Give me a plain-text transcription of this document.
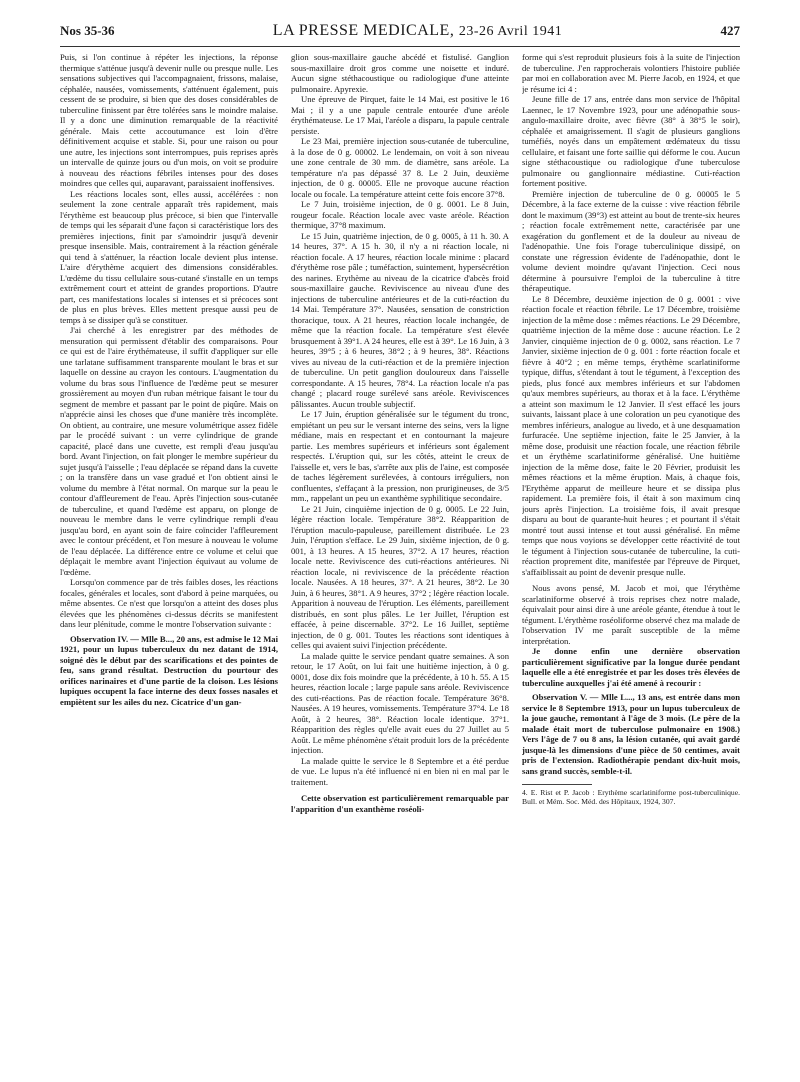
Nos 35-36	LA PRESSE MEDICALE, 23-26 Avril 1941	427

Puis, si l'on continue à répéter les injections, la réponse thermique s'atténue jusqu'à devenir nulle ou presque nulle. Les sensations subjectives qui l'accompagnaient, frissons, malaise, céphalée, nausées, vomissements, s'atténuent également, puis cessent de se produire, si bien que des doses considérables de tuberculine finissent par être tolérées sans le moindre malaise. Il y a donc une diminution remarquable de la réactivité générale. Mais cette accoutumance est loin d'être définitivement acquise et stable. Si, pour une raison ou pour une autre, les injections sont interrompues, puis reprises après un intervalle de quinze jours ou d'un mois, on voit se produire à nouveau des réactions fébriles intenses pour des doses moindres que celles qui, auparavant, paraissaient inoffensives.

Les réactions locales sont, elles aussi, accélérées : non seulement la zone centrale apparaît très rapidement, mais l'érythème est beaucoup plus précoce, si bien que l'intervalle de temps qui les séparait d'une façon si caractéristique lors des premières injections, finit par s'amoindrir jusqu'à devenir presque insensible. Mais, contrairement à la réaction générale qui tend à s'atténuer, la réaction locale devient plus intense. L'aire d'érythème acquiert des dimensions considérables. L'œdème du tissu cellulaire sous-cutané s'installe en un temps extrêmement court et atteint de grandes proportions. D'autre part, ces manifestations locales si intenses et si précoces sont de plus en plus brèves. Elles mettent presque aussi peu de temps à se dissiper qu'à se constituer.

J'ai cherché à les enregistrer par des méthodes de mensuration qui permissent d'établir des comparaisons. Pour ce qui est de l'aire érythémateuse, il suffit d'appliquer sur elle une tarlatane suffisamment transparente moulant le bras et sur laquelle on dessine au crayon les contours. L'augmentation du volume du bras sous l'influence de l'œdème peut se mesurer grossièrement au moyen d'un ruban métrique faisant le tour du segment de membre et passant par le point de piqûre. Mais on n'apprécie ainsi les choses que d'une manière très incomplète. On obtient, au contraire, une mesure volumétrique assez fidèle par le procédé suivant : un verre cylindrique de grande capacité, placé dans une cuvette, est rempli d'eau jusqu'au bord. Avant l'injection, on fait plonger le membre supérieur du sujet jusqu'à l'aisselle ; l'eau déplacée se répand dans la cuvette ; on la transfère dans un vase gradué et l'on obtient ainsi le volume du membre à l'état normal. On marque sur la peau le contour d'affleurement de l'eau. Après l'injection sous-cutanée de tuberculine, et quand l'œdème est apparu, on plonge de nouveau le membre dans le verre cylindrique rempli d'eau jusqu'au bord, en ayant soin de faire coïncider l'affleurement avec le contour précédent, et l'on mesure à nouveau le volume de l'eau déplacée. La différence entre ce volume et celui que déplaçait le membre avant l'injection équivaut au volume de l'œdème.

Lorsqu'on commence par de très faibles doses, les réactions focales, générales et locales, sont d'abord à peine marquées, ou même absentes. Ce n'est que lorsqu'on a atteint des doses plus élevées que les phénomènes ci-dessus décrits se manifestent dans leur plénitude, comme le montre l'observation suivante :

Observation IV. — Mlle B..., 20 ans, est admise le 12 Mai 1921, pour un lupus tuberculeux du nez datant de 1914, soigné dès le début par des scarifications et des pointes de feu, sans grand résultat. Destruction du pourtour des orifices narinaires et d'une partie de la cloison. Les lésions lupiques occupent la face interne des deux fosses nasales et empiètent sur les ailes du nez. Cicatrice d'un gan-

glion sous-maxillaire gauche abcédé et fistulisé. Ganglion sous-maxillaire droit gros comme une noisette et induré. Aucun signe stéthacoustique ou radiologique d'une atteinte pulmonaire. Apyrexie.

Une épreuve de Pirquet, faite le 14 Mai, est positive le 16 Mai ; il y a une papule centrale entourée d'une aréole érythémateuse. Le 17 Mai, l'aréole a disparu, la papule centrale persiste.

Le 23 Mai, première injection sous-cutanée de tuberculine, à la dose de 0 g. 00002. Le lendemain, on voit à son niveau une zone centrale de 30 mm. de diamètre, sans aréole. La température n'a pas dépassé 37 8. Le 2 Juin, deuxième injection, de 0 g. 00005. Elle ne provoque aucune réaction locale ou focale. La température atteint cette fois encore 37°8.

Le 7 Juin, troisième injection, de 0 g. 0001. Le 8 Juin, rougeur focale. Réaction locale avec vaste aréole. Réaction thermique, 37°8 maximum.

Le 15 Juin, quatrième injection, de 0 g. 0005, à 11 h. 30. A 14 heures, 37°. A 15 h. 30, il n'y a ni réaction locale, ni réaction focale. A 17 heures, réaction locale minime : placard d'érythème rose pâle ; tuméfaction, suintement, hypersécrétion des narines. Erythème au niveau de la cicatrice d'abcès froid sous-maxillaire gauche. Reviviscence au niveau d'une des injections de tuberculine antérieures et de la cuti-réaction du 14 Mai. Température 37°. Nausées, sensation de constriction thoracique, toux. A 21 heures, réaction locale inchangée, de même que la réaction focale. La température s'est élevée brusquement à 39°1. A 24 heures, elle est à 39°. Le 16 Juin, à 3 heures, 39°5 ; à 6 heures, 38°2 ; à 9 heures, 38°. Réactions vives au niveau de la cuti-réaction et de la première injection de tuberculine. Un petit ganglion douloureux dans l'aisselle correspondante. A 15 heures, 78°4. La réaction locale n'a pas changé ; placard rouge surélevé sans aréole. Reviviscences pâlissantes. Aucun trouble subjectif.

Le 17 Juin, éruption généralisée sur le tégument du tronc, empiétant un peu sur le versant interne des seins, vers la ligne médiane, mais en respectant et en contournant la majeure partie. Les membres supérieurs et inférieurs sont également respectés. L'éruption qui, sur les côtés, atteint le creux de l'aisselle et, vers le bas, s'arrête aux plis de l'aine, est composée de taches légèrement surélevées, à contours irréguliers, non confluentes, s'effaçant à la pression, non prurigineuses, de 3/5 mm., rappelant un peu un exanthème syphilitique secondaire.

Le 21 Juin, cinquième injection de 0 g. 0005. Le 22 Juin, légère réaction locale. Température 38°2. Réapparition de l'éruption maculo-papuleuse, pareillement distribuée. Le 23 Juin, l'éruption s'efface. Le 29 Juin, sixième injection, de 0 g. 001, à 13 heures. A 15 heures, 37°2. A 17 heures, réaction locale nette. Reviviscence des cuti-réactions antérieures. Ni réaction locale, ni reviviscence de la précédente réaction locale. Nausées. A 18 heures, 37°. A 21 heures, 38°2. Le 30 Juin, à 6 heures, 38°1. A 9 heures, 37°2 ; légère réaction locale. Apparition à nouveau de l'éruption. Les éléments, pareillement distribués, en sont plus pâles. Le 1er Juillet, l'éruption est effacée, à peine discernable. 37°2. Le 16 Juillet, septième injection, de 0 g. 001. Toutes les réactions sont identiques à celles qui avaient suivi l'injection précédente.

La malade quitte le service pendant quatre semaines. A son retour, le 17 Août, on lui fait une huitième injection, à 0 g. 0001, dose dix fois moindre que la précédente, à 10 h. 55. A 15 heures, réaction locale ; large papule sans aréole. Reviviscence des cuti-réactions. Pas de réaction focale. Température 36°8. Nausées. A 19 heures, vomissements. Température 37°4. Le 18 Août, à 2 heures, 38°. Réaction locale identique. 37°1. Réapparition des règles qu'elle avait eues du 27 Juillet au 5 Août. Le même phénomène s'était produit lors de la précédente injection.

La malade quitte le service le 8 Septembre et a été perdue de vue. Le lupus n'a été influencé ni en bien ni en mal par le traitement.

Cette observation est particulièrement remarquable par l'apparition d'un exanthème roséoli-

forme qui s'est reproduit plusieurs fois à la suite de l'injection de tuberculine. J'en rapprocherais volontiers l'histoire publiée par moi en collaboration avec M. Pierre Jacob, en 1924, et que je résume ici 4 :

Jeune fille de 17 ans, entrée dans mon service de l'hôpital Laennec, le 17 Novembre 1923, pour une adénopathie sous-angulo-maxillaire droite, avec fièvre (38° à 38°5 le soir), céphalée et amaigrissement. Il s'agit de plusieurs ganglions tuméfiés, noyés dans un empâtement œdémateux du tissu cellulaire, et faisant une forte saillie qui déforme le cou. Aucun signe stéthacoustique ou radiologique d'une tuberculose pulmonaire ou ganglionnaire médiastine. Cuti-réaction fortement positive.

Première injection de tuberculine de 0 g. 00005 le 5 Décembre, à la face externe de la cuisse : vive réaction fébrile dont le maximum (39°3) est atteint au bout de trente-six heures ; réaction focale extrêmement nette, caractérisée par une exagération du gonflement et de la douleur au niveau de l'adénopathie. Une fois l'orage tuberculinique dissipé, on constate une régression évidente de l'adénopathie, dont le volume devient moindre qu'avant l'injection. Ceci nous détermine à poursuivre l'emploi de la tuberculine à titre thérapeutique.

Le 8 Décembre, deuxième injection de 0 g. 0001 : vive réaction focale et réaction fébrile. Le 17 Décembre, troisième injection de la même dose : mêmes réactions. Le 29 Décembre, quatrième injection de la même dose : aucune réaction. Le 2 Janvier, cinquième injection de 0 g. 0002, sans réaction. Le 7 Janvier, sixième injection de 0 g. 001 : forte réaction focale et fièvre à 40°2 ; en même temps, érythème scarlatiniforme typique, diffus, s'étendant à tout le tégument, à l'exception des pieds, plus foncé aux membres inférieurs et sur l'abdomen qu'aux membres supérieurs, au thorax et à la face. L'érythème a atteint son maximum le 12 Janvier. Il s'est effacé les jours suivants, laissant place à une coloration un peu cyanotique des membres inférieurs, analogue au livedo, et à une desquamation furfuracée. Une septième injection, faite le 25 Janvier, à la même dose, produisit une réaction focale, une réaction fébrile et un érythème scarlatiniforme généralisé. Une huitième injection de la même dose, faite le 20 Février, produisit les mêmes réactions et la même éruption. Mais, à chaque fois, l'Erythème apparut de meilleure heure et se dissipa plus rapidement. La première fois, il était à son maximum cinq jours après l'injection. La troisième fois, il avait presque disparu au bout de quarante-huit heures ; et pourtant il s'était montré tout aussi intense et tout aussi généralisé. En même temps que nous voyions se développer cette réactivité de tout le tégument à l'injection sous-cutanée de tuberculine, la cuti-réaction proprement dite, manifestée par l'épreuve de Pirquet, s'affaiblissait au point de devenir presque nulle.

Nous avons pensé, M. Jacob et moi, que l'érythème scarlatiniforme observé à trois reprises chez notre malade, équivalait pour ainsi dire à une aréole géante, étendue à tout le tégument. L'érythème roséoliforme observé chez ma malade de l'observation IV me paraît susceptible de la même interprétation.

Je donne enfin une dernière observation particulièrement significative par la longue durée pendant laquelle elle a été enregistrée et par les doses très élevées de tuberculine auxquelles j'ai été amené à recourir :

Observation V. — Mlle L..., 13 ans, est entrée dans mon service le 8 Septembre 1913, pour un lupus tuberculeux de la joue gauche, remontant à l'âge de 3 mois. (Le père de la malade était mort de tuberculose pulmonaire en 1908.) Vers l'âge de 7 ou 8 ans, la lésion cutanée, qui avait gardé jusque-là les dimensions d'une pièce de 50 centimes, avait pris de l'extension. Radiothérapie pendant dix-huit mois, sans grand succès, semble-t-il.

4. E. Rist et P. Jacob : Erythème scarlatiniforme post-tuberculinique. Bull. et Mém. Soc. Méd. des Hôpitaux, 1924, 307.
